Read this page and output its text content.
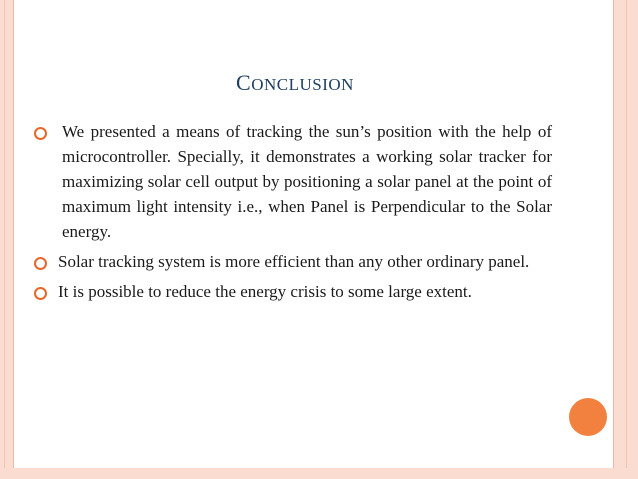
CONCLUSION
We presented a means of tracking the sun’s position with the help of microcontroller. Specially, it demonstrates a working solar tracker for maximizing solar cell output by positioning a solar panel at the point of maximum light intensity i.e., when Panel is Perpendicular to the Solar energy.
Solar tracking system is more efficient than any other ordinary panel.
It is possible to reduce the energy crisis to some large extent.
